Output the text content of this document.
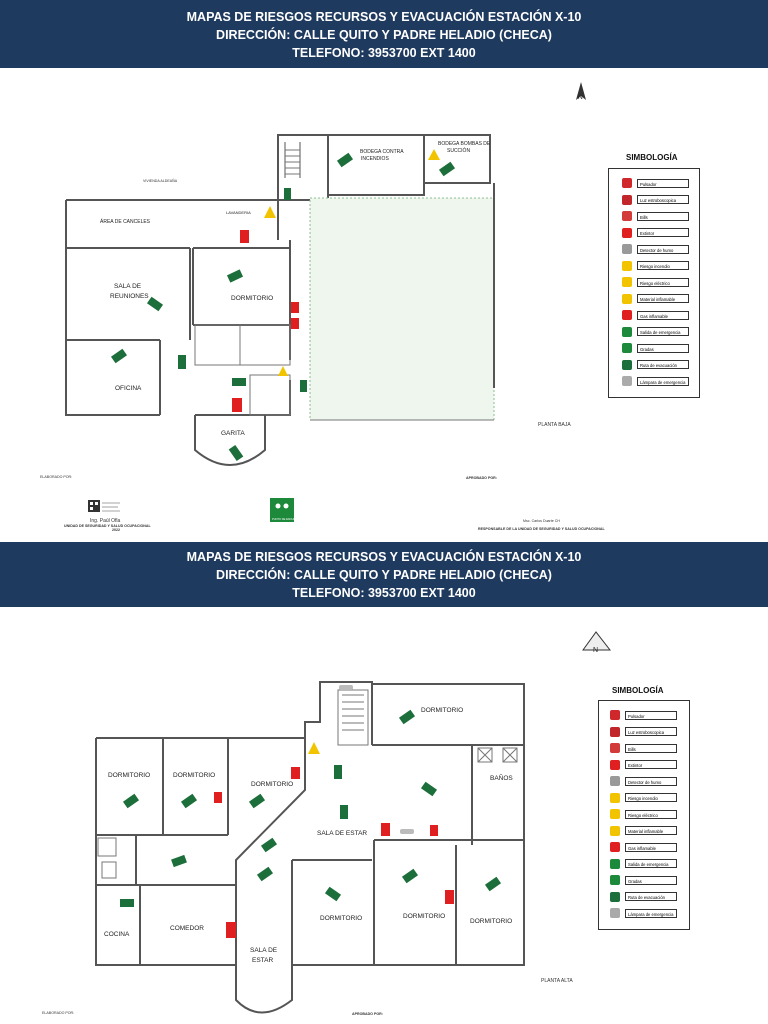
MAPAS DE RIESGOS RECURSOS Y EVACUACIÓN ESTACIÓN X-10
DIRECCIÓN: CALLE QUITO Y PADRE HELADIO (CHECA)
TELEFONO: 3953700 EXT 1400
N
BODEGA CONTRA
INCENDIOS
BODEGA BOMBAS DE
SUCCIÓN
ÁREA DE CANCELES
LAVANDERIA
VIVIENDA ALDEAÑA
SALA DE
REUNIONES	DORMITORIO
OFICINA
GARITA
PLANTA BAJA
ELABORADO POR:	APROBADO POR:
Ing. Paúl Ofla
UNIDAD DE SEGURIDAD Y SALUD OCUPACIONAL
2022
PUNTO DE ENCUENTRO	Msc. Carlos Duarte CH
RESPONSABLE DE LA UNIDAD DE SEGURIDAD Y SALUD OCUPACIONAL
SIMBOLOGÍA
Pulsador
Luz estroboscopica
Bills
Extintor
Detector de humo
Riesgo incendio
Riesgo eléctrico
Material inflamable
Gas inflamable
Salida de emergencia
Gradas
Ruta de evacuación
Lámpara de emergencia
MAPAS DE RIESGOS RECURSOS Y EVACUACIÓN ESTACIÓN X-10
DIRECCIÓN: CALLE QUITO Y PADRE HELADIO (CHECA)
TELEFONO: 3953700 EXT 1400
N
DORMITORIO
DORMITORIO	DORMITORIO
DORMITORIO
BAÑOS
SALA DE ESTAR
DORMITORIO	DORMITORIO
DORMITORIO
COCINA
COMEDOR
SALA DE
ESTAR
PLANTA ALTA
ELABORADO POR:	APROBADO POR:
SIMBOLOGÍA
Pulsador
Luz estroboscopica
Bills
Extintor
Detector de humo
Riesgo incendio
Riesgo eléctrico
Material inflamable
Gas inflamable
Salida de emergencia
Gradas
Ruta de evacuación
Lámpara de emergencia
